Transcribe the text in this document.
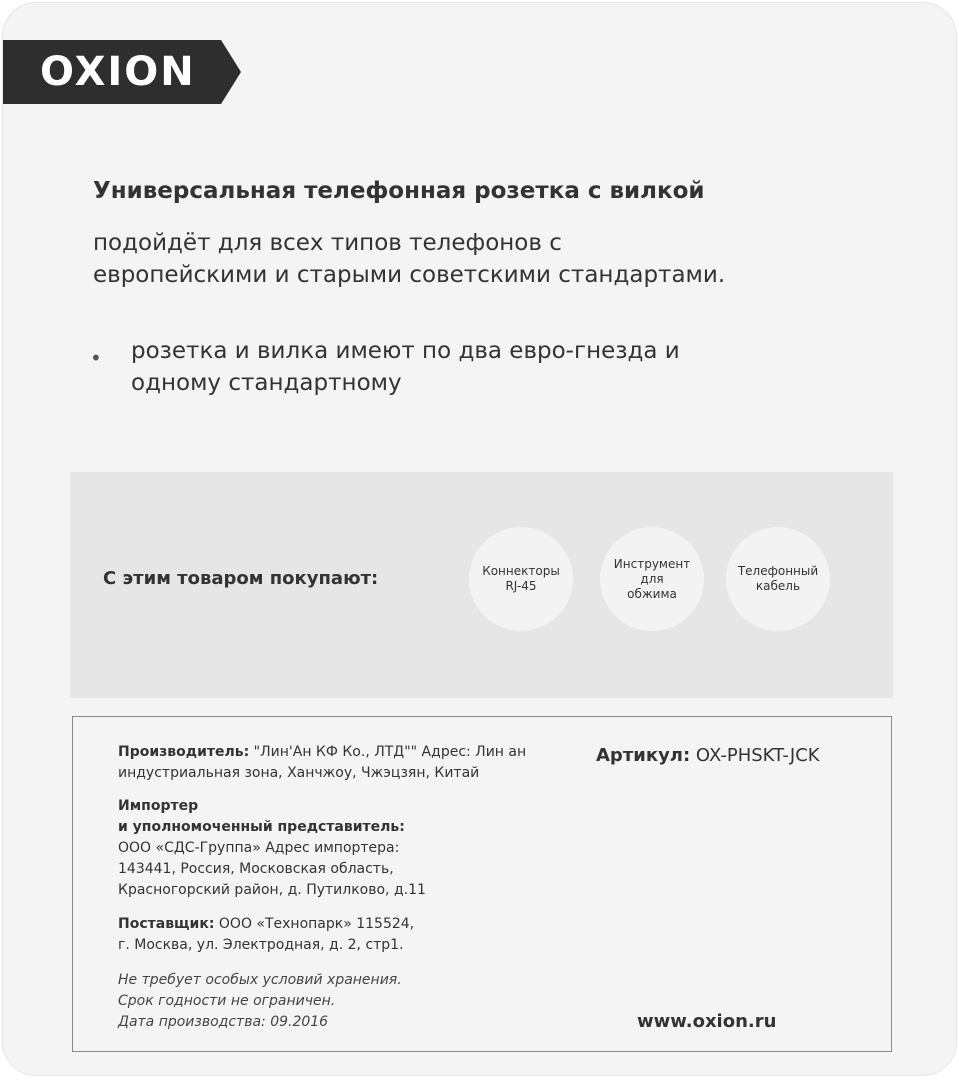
OXION
Универсальная телефонная розетка с вилкой
подойдёт для всех типов телефонов с
европейскими и старыми советскими стандартами.
• розетка и вилка имеют по два евро-гнезда и
одному стандартному
С этим товаром покупают:	Коннекторы
RJ-45
Инструмент
для
обжима
Телефонный
кабель
Производитель: "Лин'Ан КФ Ко., ЛТД"" Адрес: Лин ан
индустриальная зона, Ханчжоу, Чжэцзян, Китай
Импортер
и уполномоченный представитель:
ООО «СДС-Группа» Адрес импортера:
143441, Россия, Московская область,
Красногорский район, д. Путилково, д.11
Поставщик: ООО «Технопарк» 115524,
г. Москва, ул. Электродная, д. 2, стр1.
Не требует особых условий хранения.
Срок годности не ограничен.
Дата производства: 09.2016
Артикул: OX-PHSKT-JCK
www.oxion.ru
